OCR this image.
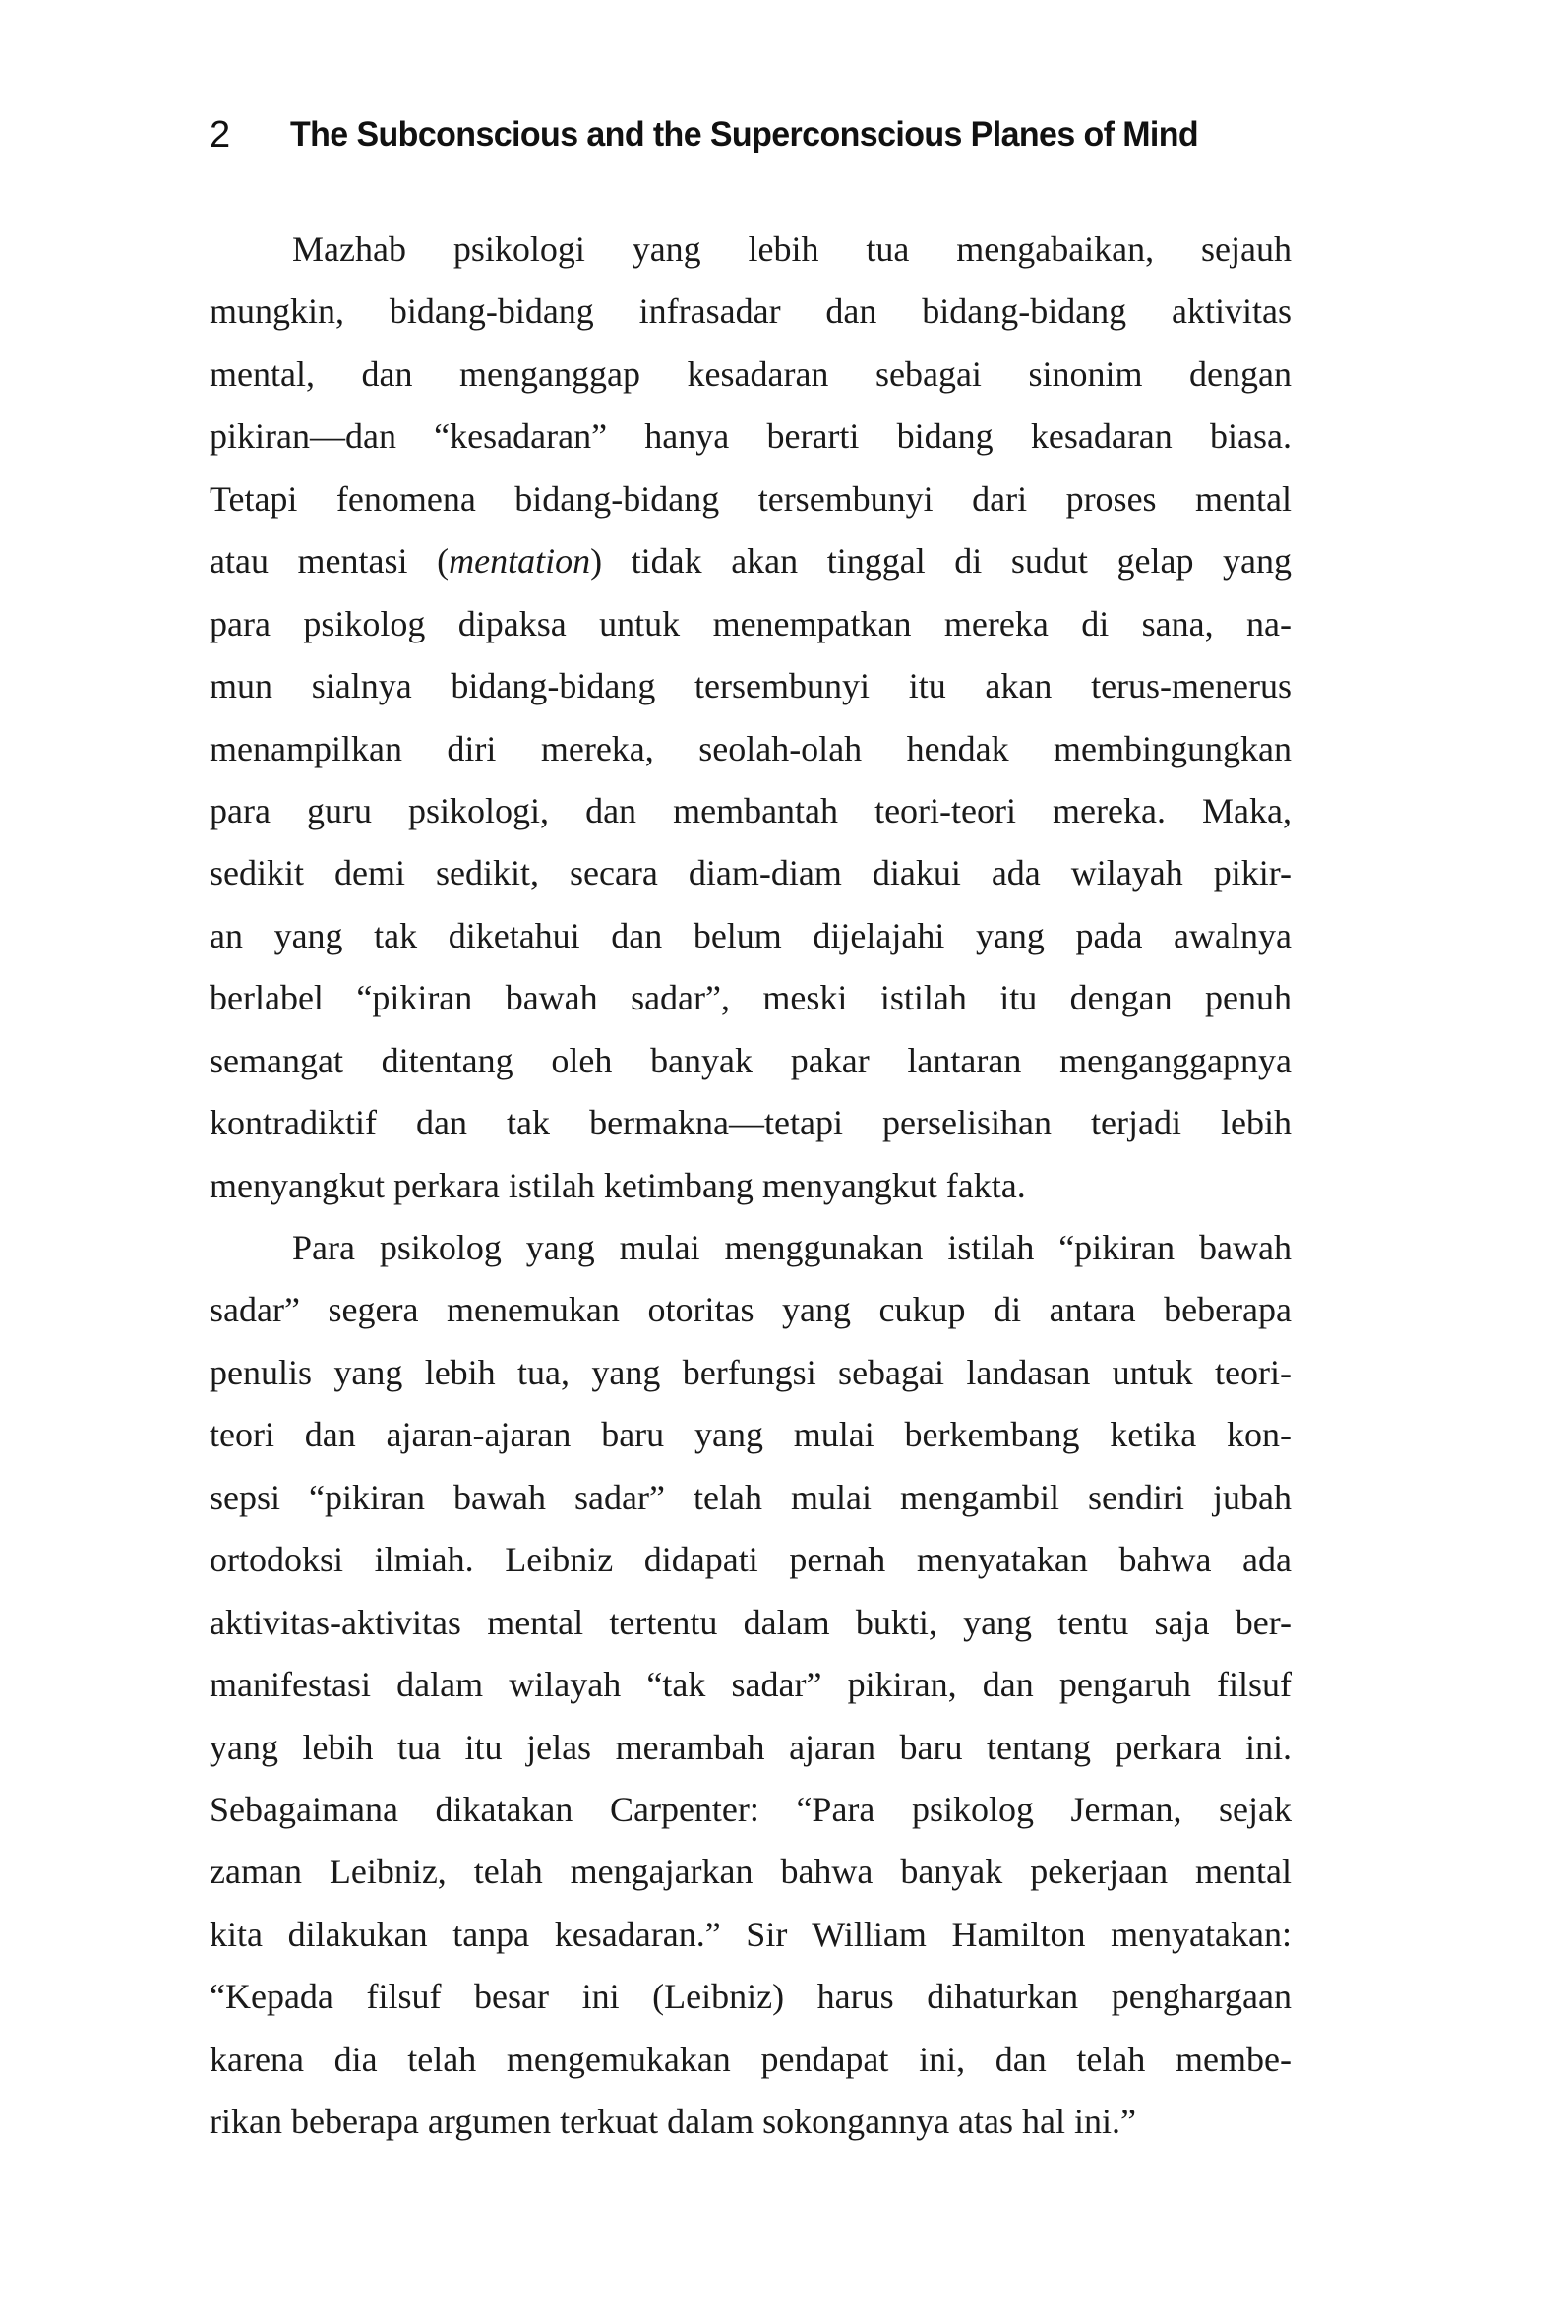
2 The Subconscious and the Superconscious Planes of Mind
Mazhab psikologi yang lebih tua mengabaikan, sejauh
mungkin, bidang-bidang infrasadar dan bidang-bidang aktivitas
mental, dan menganggap kesadaran sebagai sinonim dengan
pikiran—dan “kesadaran” hanya berarti bidang kesadaran biasa.
Tetapi fenomena bidang-bidang tersembunyi dari proses mental
atau mentasi (mentation) tidak akan tinggal di sudut gelap yang
para psikolog dipaksa untuk menempatkan mereka di sana, na-
mun sialnya bidang-bidang tersembunyi itu akan terus-menerus
menampilkan diri mereka, seolah-olah hendak membingungkan
para guru psikologi, dan membantah teori-teori mereka. Maka,
sedikit demi sedikit, secara diam-diam diakui ada wilayah pikir-
an yang tak diketahui dan belum dijelajahi yang pada awalnya
berlabel “pikiran bawah sadar”, meski istilah itu dengan penuh
semangat ditentang oleh banyak pakar lantaran menganggapnya
kontradiktif dan tak bermakna—tetapi perselisihan terjadi lebih
menyangkut perkara istilah ketimbang menyangkut fakta.
Para psikolog yang mulai menggunakan istilah “pikiran bawah
sadar” segera menemukan otoritas yang cukup di antara beberapa
penulis yang lebih tua, yang berfungsi sebagai landasan untuk teori-
teori dan ajaran-ajaran baru yang mulai berkembang ketika kon-
sepsi “pikiran bawah sadar” telah mulai mengambil sendiri jubah
ortodoksi ilmiah. Leibniz didapati pernah menyatakan bahwa ada
aktivitas-aktivitas mental tertentu dalam bukti, yang tentu saja ber-
manifestasi dalam wilayah “tak sadar” pikiran, dan pengaruh filsuf
yang lebih tua itu jelas merambah ajaran baru tentang perkara ini.
Sebagaimana dikatakan Carpenter: “Para psikolog Jerman, sejak
zaman Leibniz, telah mengajarkan bahwa banyak pekerjaan mental
kita dilakukan tanpa kesadaran.” Sir William Hamilton menyatakan:
“Kepada filsuf besar ini (Leibniz) harus dihaturkan penghargaan
karena dia telah mengemukakan pendapat ini, dan telah membe-
rikan beberapa argumen terkuat dalam sokongannya atas hal ini.”
